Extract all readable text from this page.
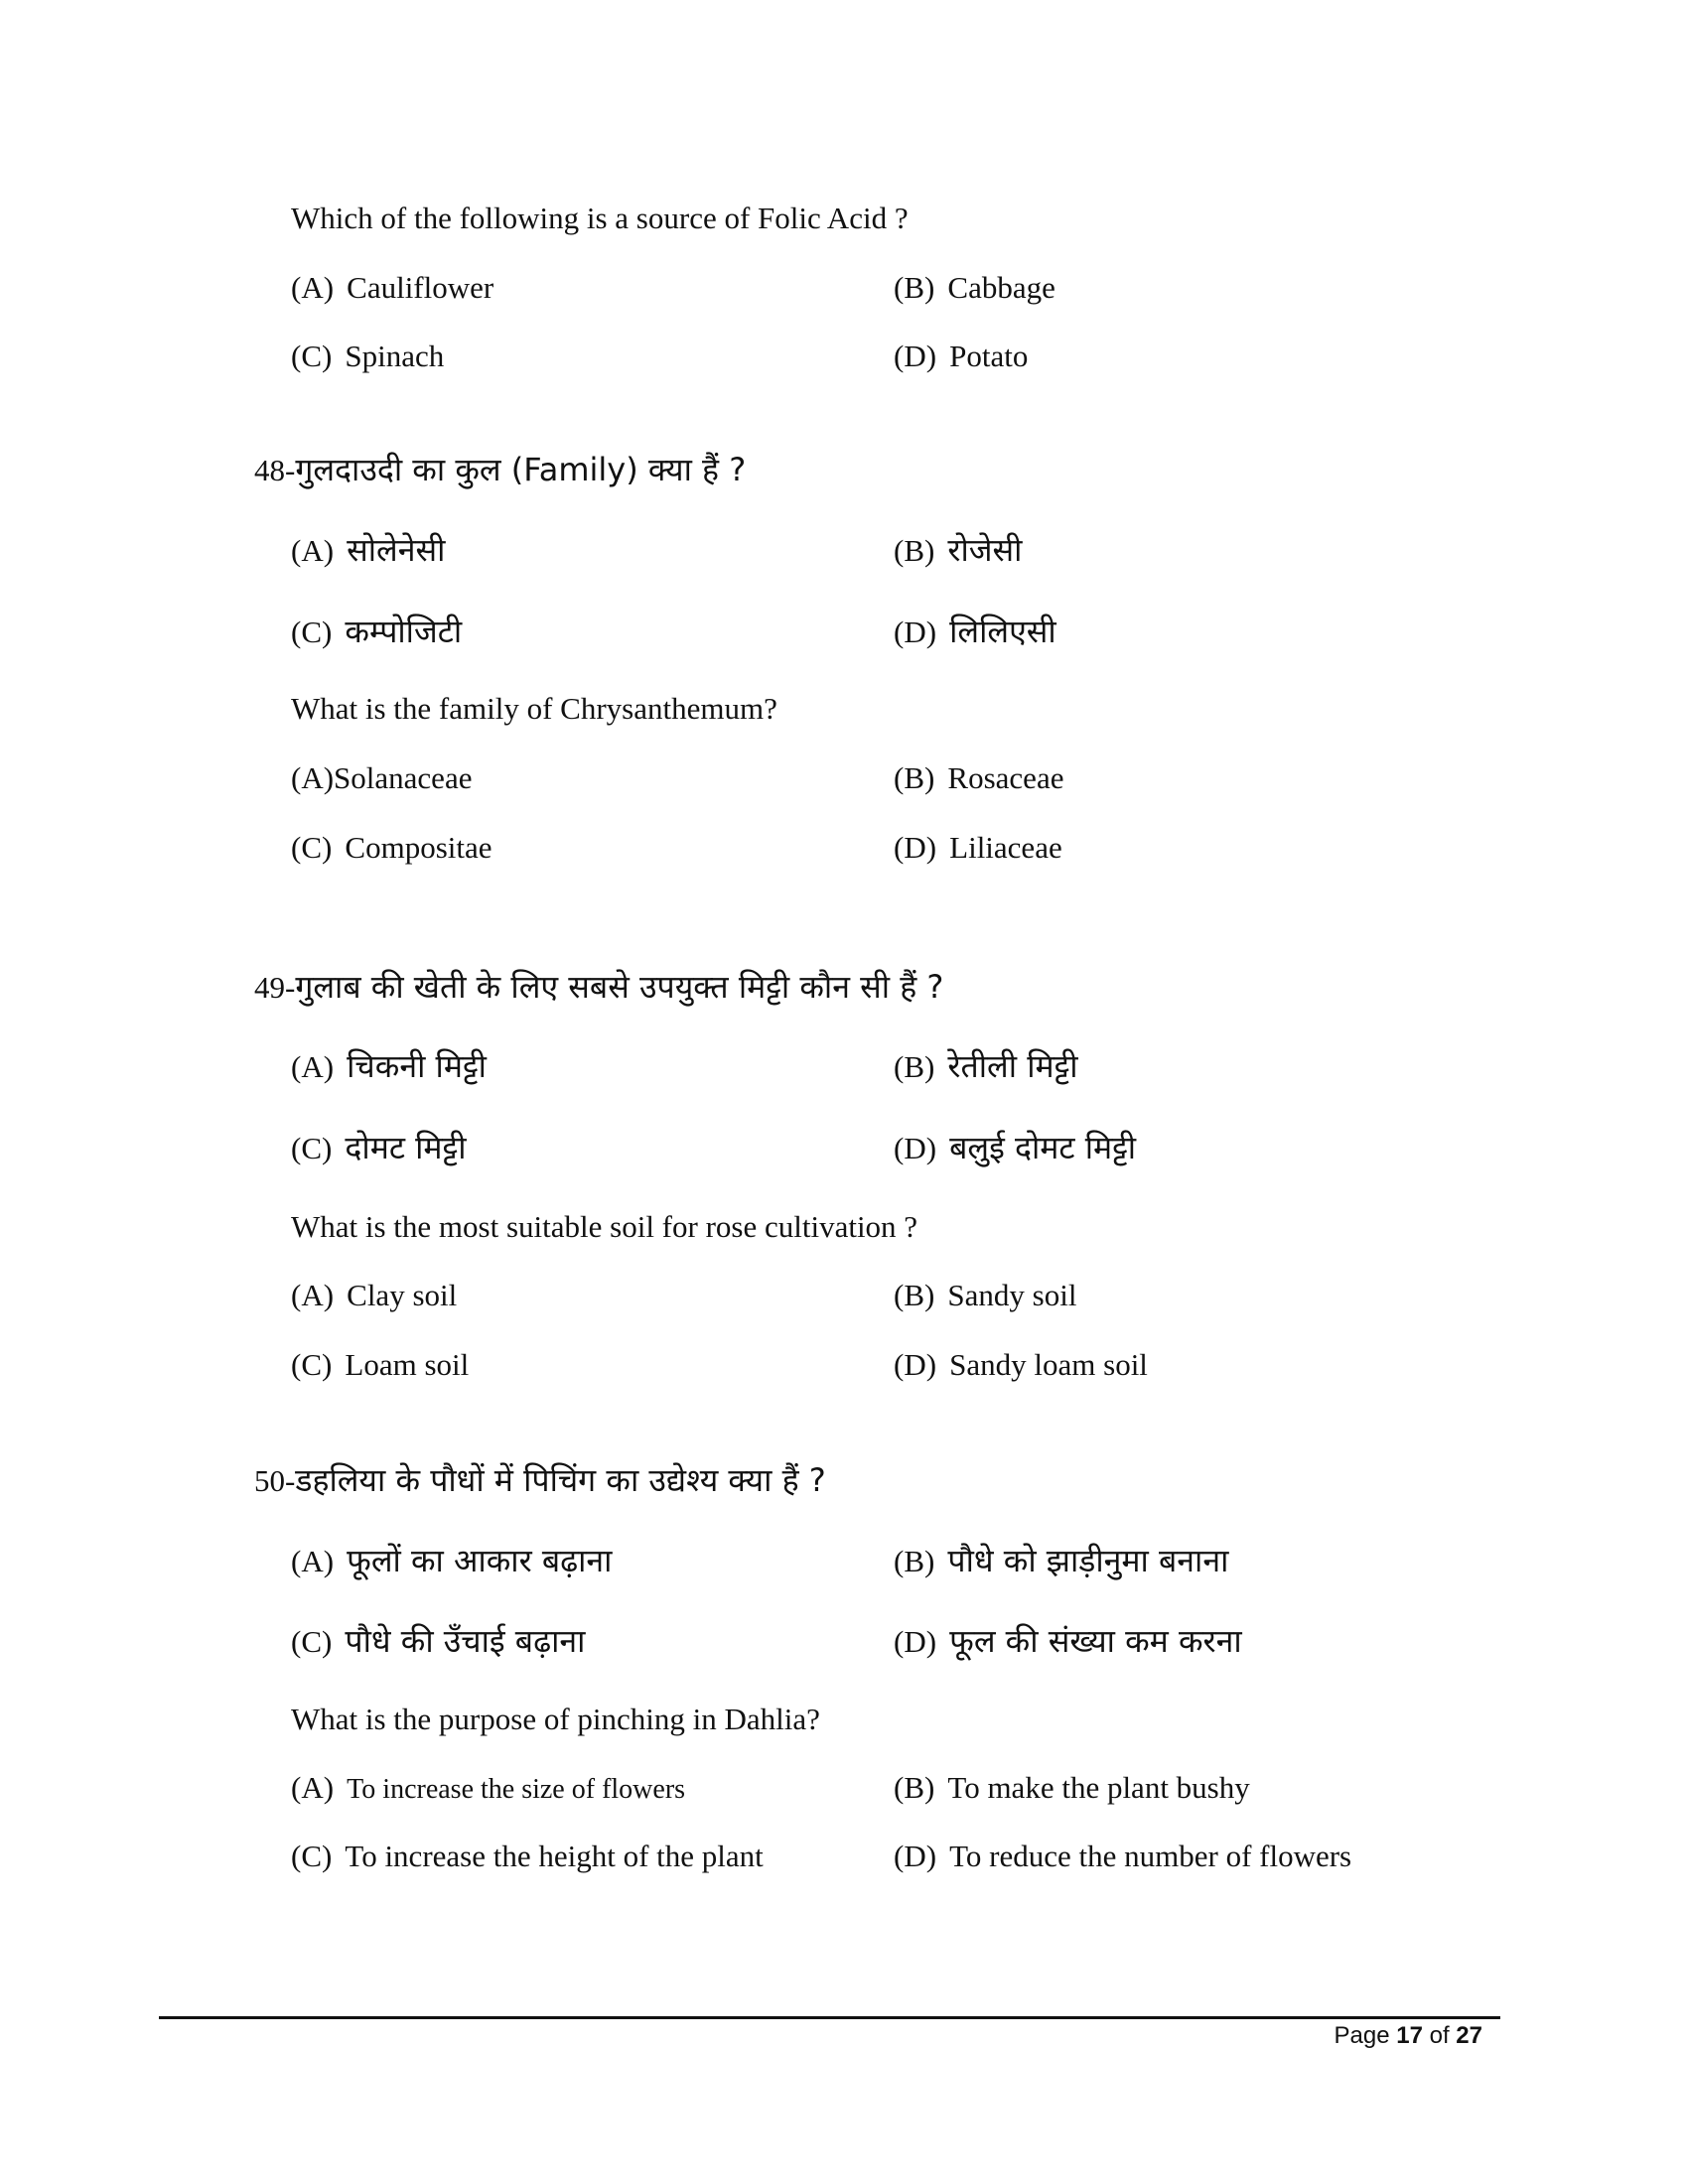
Which of the following is a source of Folic Acid ?
(A) Cauliflower	(B) Cabbage
(C) Spinach	(D) Potato
48-गुलदाउदी का कुल (Family) क्या हैं ?
(A) सोलेनेसी	(B) रोजेसी
(C) कम्पोजिटी	(D) लिलिएसी
What is the family of Chrysanthemum?
(A)Solanaceae	(B) Rosaceae
(C) Compositae	(D) Liliaceae
49-गुलाब की खेती के लिए सबसे उपयुक्त मिट्टी कौन सी हैं ?
(A) चिकनी मिट्टी	(B) रेतीली मिट्टी
(C) दोमट मिट्टी	(D) बलुई दोमट मिट्टी
What is the most suitable soil for rose cultivation ?
(A) Clay soil	(B) Sandy soil
(C) Loam soil	(D) Sandy loam soil
50-डहलिया के पौधों में पिचिंग का उद्येश्य क्या हैं ?
(A) फूलों का आकार बढ़ाना	(B) पौधे को झाड़ीनुमा बनाना
(C) पौधे की उँचाई बढ़ाना	(D) फूल की संख्या कम करना
What is the purpose of pinching in Dahlia?
(A) To increase the size of flowers	(B) To make the plant bushy
(C) To increase the height of the plant	(D) To reduce the number of flowers
Page 17 of 27
